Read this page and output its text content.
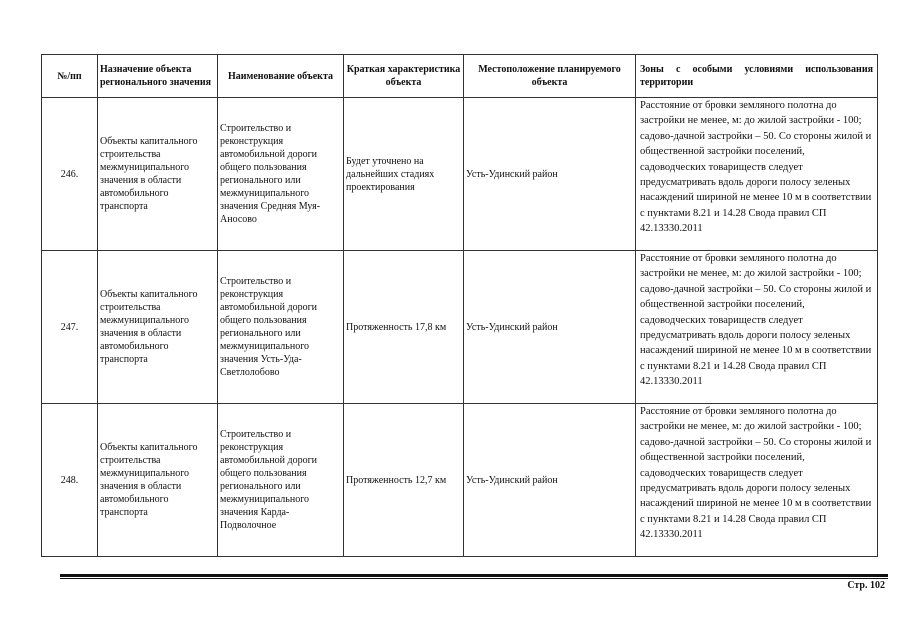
№/пп	Назначение объекта регионального значения	Наименование объекта	Краткая характеристика объекта	Местоположение планируемого объекта	Зоны с особыми условиями использования территории
246.	Объекты капитального строительства межмуниципального значения в области автомобильного транспорта	Строительство и реконструкция автомобильной дороги общего пользования регионального или межмуниципального значения Средняя Муя-Аносово	Будет уточнено на дальнейших стадиях проектирования	Усть-Удинский район	Расстояние от бровки земляного полотна до застройки не менее, м: до жилой застройки - 100; садово-дачной застройки – 50. Со стороны жилой и общественной застройки поселений, садоводческих товариществ следует предусматривать вдоль дороги полосу зеленых насаждений шириной не менее 10 м в соответствии с пунктами 8.21 и 14.28 Свода правил СП 42.13330.2011
247.	Объекты капитального строительства межмуниципального значения в области автомобильного транспорта	Строительство и реконструкция автомобильной дороги общего пользования регионального или межмуниципального значения Усть-Уда-Светлолобово	Протяженность 17,8 км	Усть-Удинский район	Расстояние от бровки земляного полотна до застройки не менее, м: до жилой застройки - 100; садово-дачной застройки – 50. Со стороны жилой и общественной застройки поселений, садоводческих товариществ следует предусматривать вдоль дороги полосу зеленых насаждений шириной не менее 10 м в соответствии с пунктами 8.21 и 14.28 Свода правил СП 42.13330.2011
248.	Объекты капитального строительства межмуниципального значения в области автомобильного транспорта	Строительство и реконструкция автомобильной дороги общего пользования регионального или межмуниципального значения Карда-Подволочное	Протяженность 12,7 км	Усть-Удинский район	Расстояние от бровки земляного полотна до застройки не менее, м: до жилой застройки - 100; садово-дачной застройки – 50. Со стороны жилой и общественной застройки поселений, садоводческих товариществ следует предусматривать вдоль дороги полосу зеленых насаждений шириной не менее 10 м в соответствии с пунктами 8.21 и 14.28 Свода правил СП 42.13330.2011
Стр. 102
